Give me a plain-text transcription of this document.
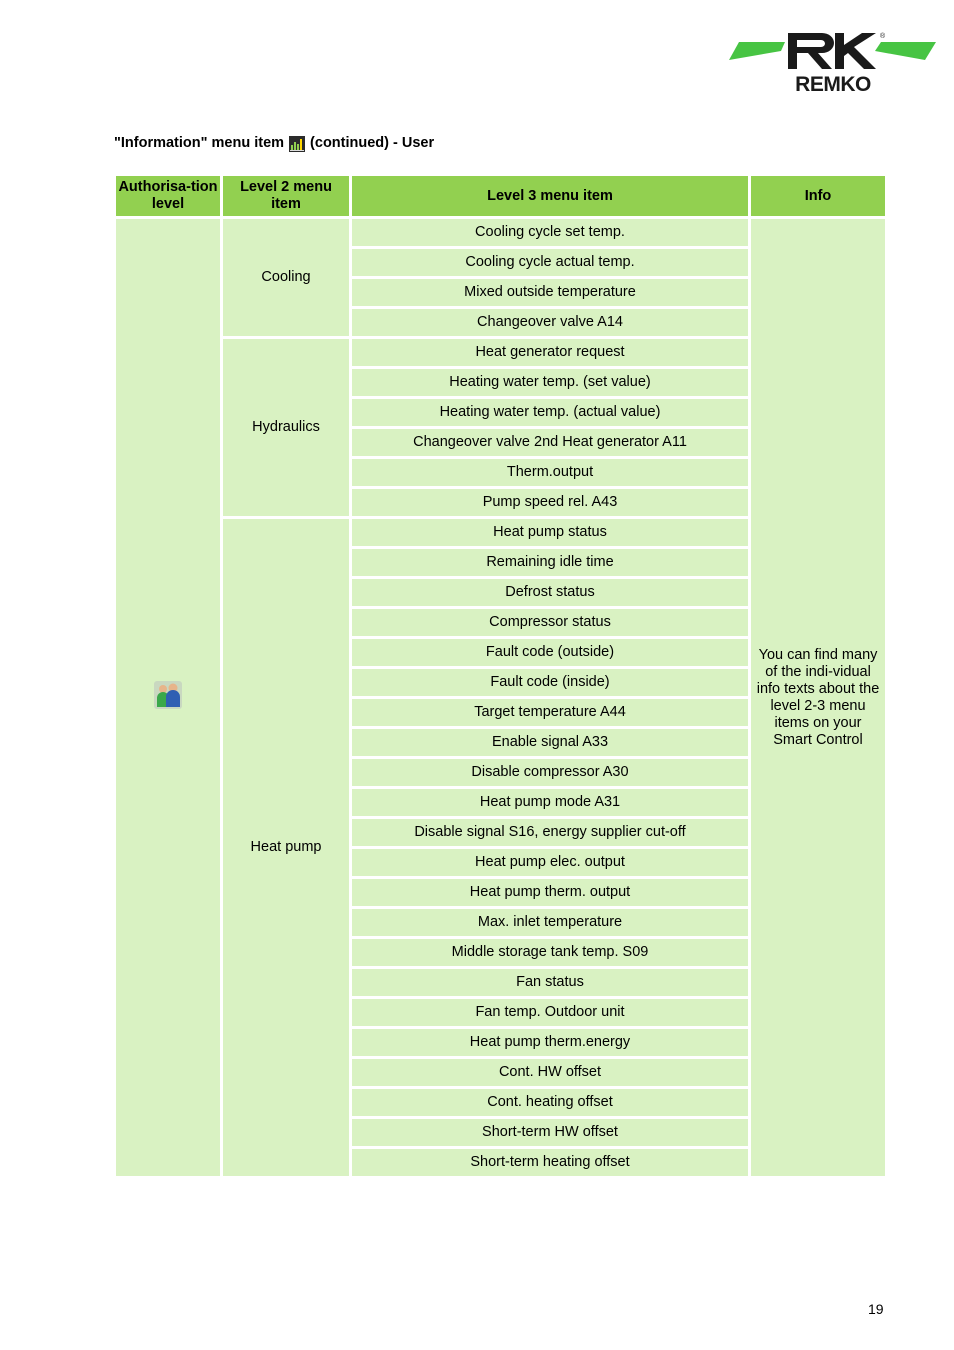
®
REMKO
"Information" menu item (continued) - User
Authorisa-tion level	Level 2 menu item	Level 3 menu item	Info
	Cooling	Cooling cycle set temp.	You can find many of the indi-vidual info texts about the level 2-3 menu items on your Smart Control
		Cooling cycle actual temp.	
		Mixed outside temperature	
		Changeover valve A14	
	Hydraulics	Heat generator request	
		Heating water temp. (set value)	
		Heating water temp. (actual value)	
		Changeover valve 2nd Heat generator A11	
		Therm.output	
		Pump speed rel. A43	
	Heat pump	Heat pump status	
		Remaining idle time	
		Defrost status	
		Compressor status	
		Fault code (outside)	
		Fault code (inside)	
		Target temperature A44	
		Enable signal A33	
		Disable compressor A30	
		Heat pump mode A31	
		Disable signal S16, energy supplier cut-off	
		Heat pump elec. output	
		Heat pump therm. output	
		Max. inlet temperature	
		Middle storage tank temp. S09	
		Fan status	
		Fan temp. Outdoor unit	
		Heat pump therm.energy	
		Cont. HW offset	
		Cont. heating offset	
		Short-term HW offset	
		Short-term heating offset	
19
